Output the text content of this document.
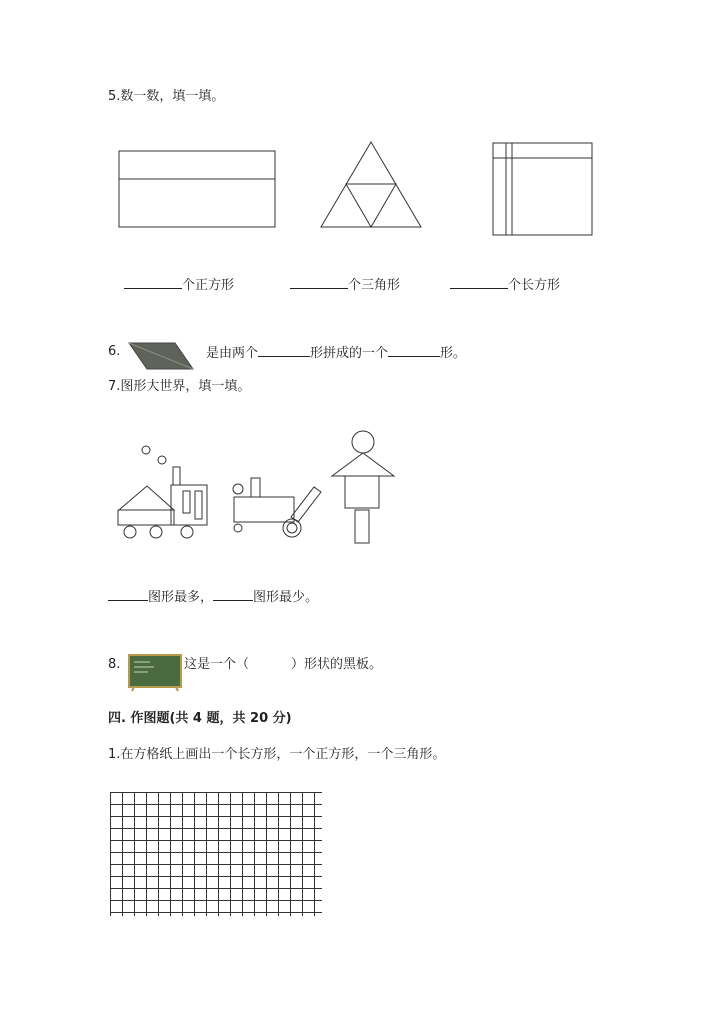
5.数一数，填一填。
个正方形	个三角形	个长方形
6.	是由两个	形拼成的一个	形。
7.图形大世界，填一填。
图形最多，	图形最少。
8.	这是一个（	）形状的黑板。
四. 作图题(共 4 题，共 20 分)
1.在方格纸上画出一个长方形，一个正方形，一个三角形。
